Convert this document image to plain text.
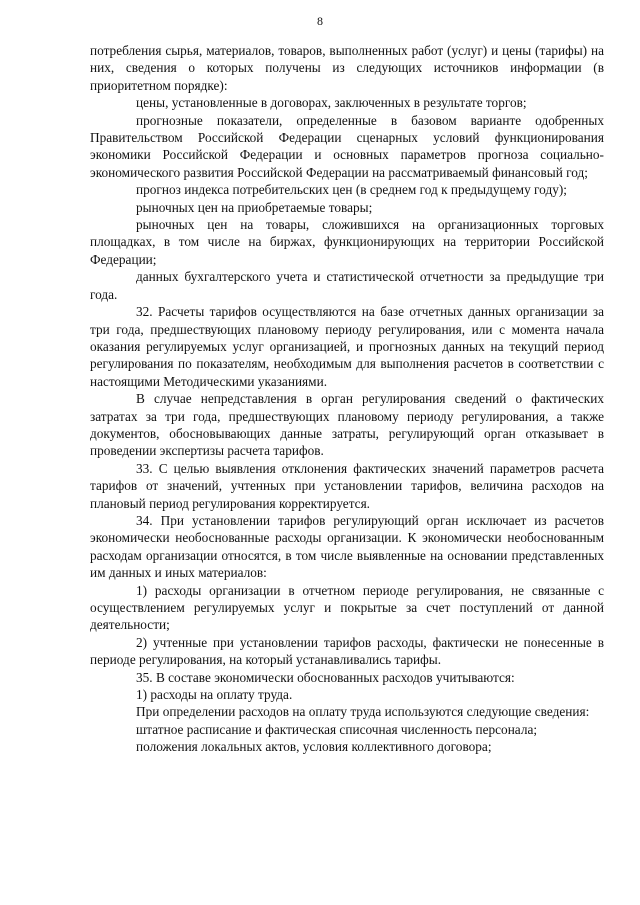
8

потребления сырья, материалов, товаров, выполненных работ (услуг) и цены (тарифы) на них, сведения о которых получены из следующих источников информации (в приоритетном порядке):

цены, установленные в договорах, заключенных в результате торгов;

прогнозные показатели, определенные в базовом варианте одобренных Правительством Российской Федерации сценарных условий функционирования экономики Российской Федерации и основных параметров прогноза социально-экономического развития Российской Федерации на рассматриваемый финансовый год;

прогноз индекса потребительских цен (в среднем год к предыдущему году);

рыночных цен на приобретаемые товары;

рыночных цен на товары, сложившихся на организационных торговых площадках, в том числе на биржах, функционирующих на территории Российской Федерации;

данных бухгалтерского учета и статистической отчетности за предыдущие три года.

32. Расчеты тарифов осуществляются на базе отчетных данных организации за три года, предшествующих плановому периоду регулирования, или с момента начала оказания регулируемых услуг организацией, и прогнозных данных на текущий период регулирования по показателям, необходимым для выполнения расчетов в соответствии с настоящими Методическими указаниями.

В случае непредставления в орган регулирования сведений о фактических затратах за три года, предшествующих плановому периоду регулирования, а также документов, обосновывающих данные затраты, регулирующий орган отказывает в проведении экспертизы расчета тарифов.

33. С целью выявления отклонения фактических значений параметров расчета тарифов от значений, учтенных при установлении тарифов, величина расходов на плановый период регулирования корректируется.

34. При установлении тарифов регулирующий орган исключает из расчетов экономически необоснованные расходы организации. К экономически необоснованным расходам организации относятся, в том числе выявленные на основании представленных им данных и иных материалов:

1) расходы организации в отчетном периоде регулирования, не связанные с осуществлением регулируемых услуг и покрытые за счет поступлений от данной деятельности;

2) учтенные при установлении тарифов расходы, фактически не понесенные в периоде регулирования, на который устанавливались тарифы.

35. В составе экономически обоснованных расходов учитываются:

1) расходы на оплату труда.

При определении расходов на оплату труда используются следующие сведения:

штатное расписание и фактическая списочная численность персонала;

положения локальных актов, условия коллективного договора;
